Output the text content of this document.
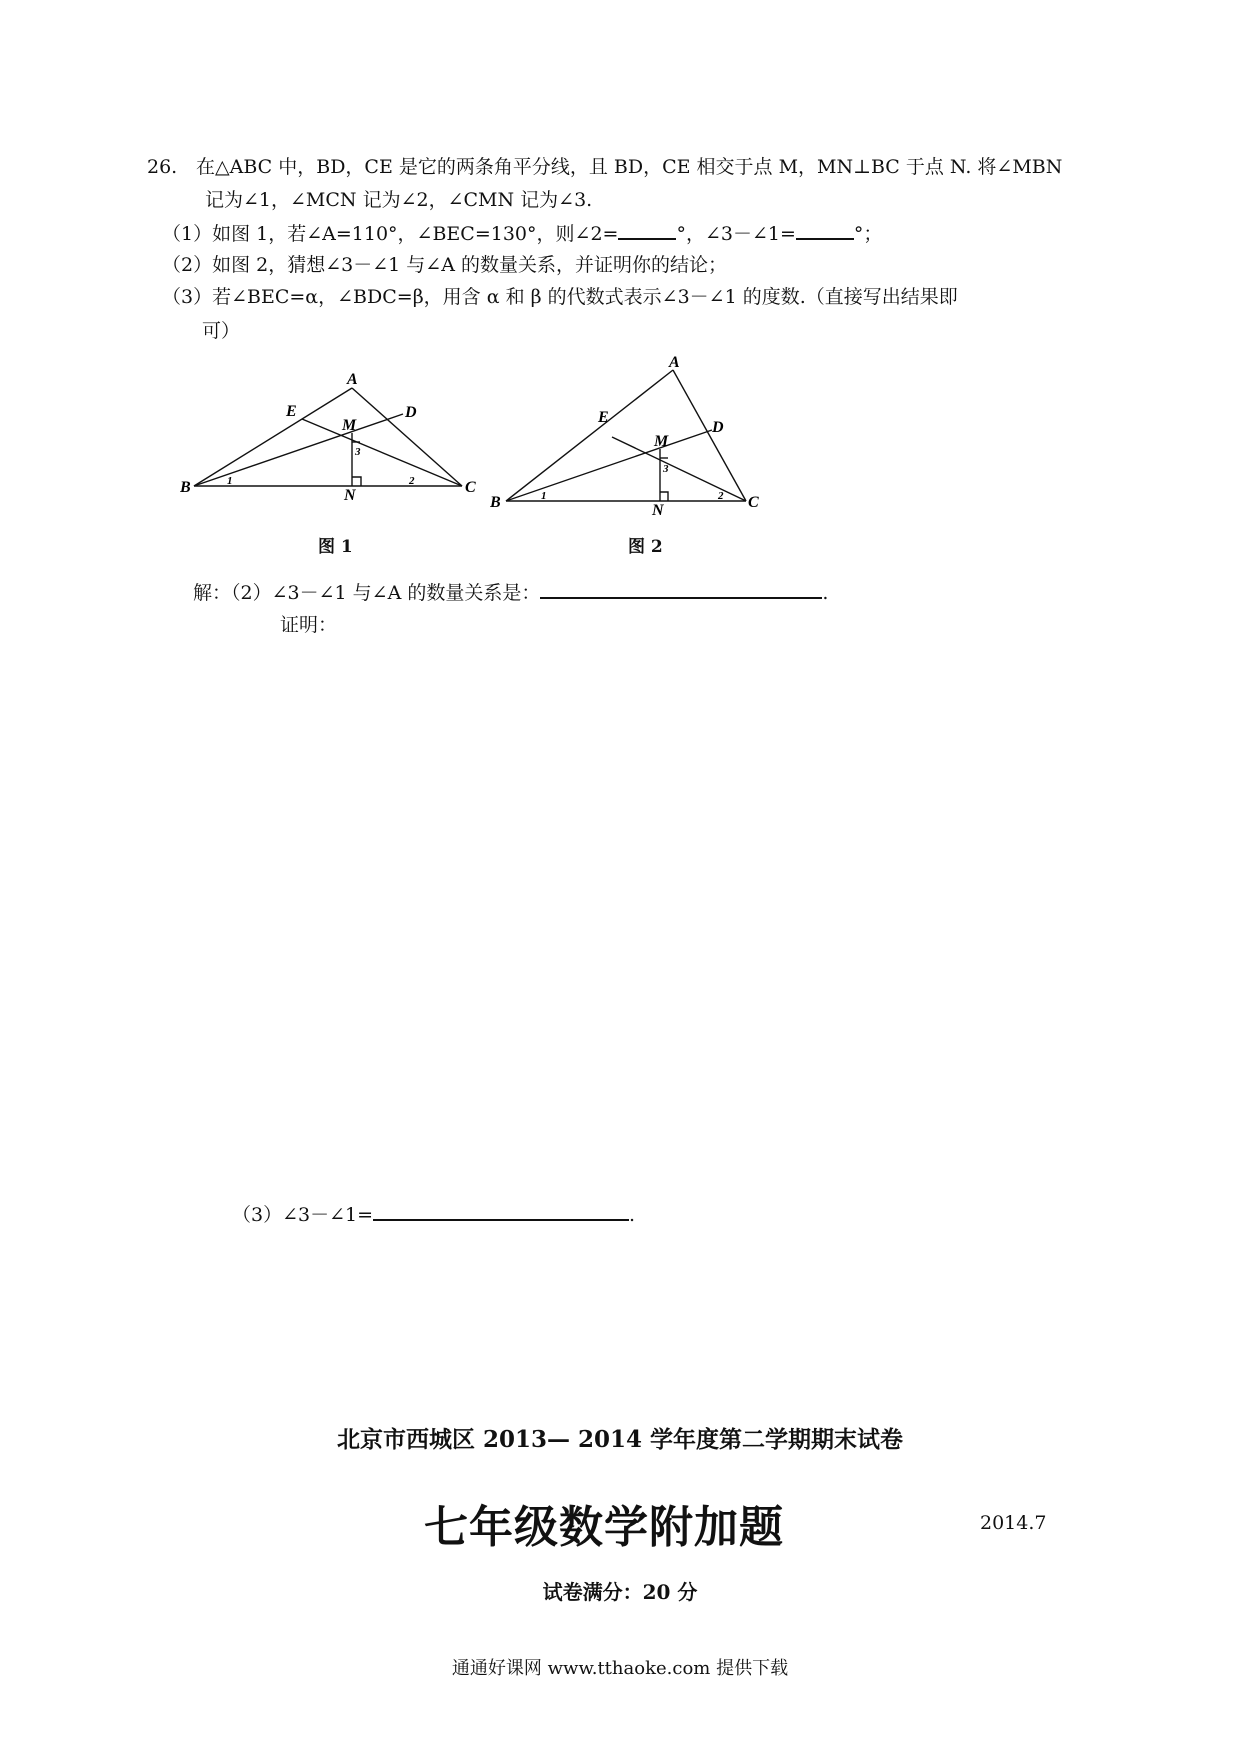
26. 在△ABC 中，BD，CE 是它的两条角平分线，且 BD，CE 相交于点 M，MN⊥BC 于点 N. 将∠MBN
记为∠1，∠MCN 记为∠2，∠CMN 记为∠3.
（1）如图 1，若∠A=110°，∠BEC=130°，则∠2=	°，∠3－∠1=	°；
（2）如图 2，猜想∠3－∠1 与∠A 的数量关系，并证明你的结论；
（3）若∠BEC=α，∠BDC=β，用含 α 和 β 的代数式表示∠3－∠1 的度数.（直接写出结果即
可）
A
E	D
M
B	C
N
1	2
3
图 1
A
E
D
M
B	C
N
1	2
3
图 2
解：（2）∠3－∠1 与∠A 的数量关系是：	.
证明：
（3）∠3－∠1=	.
北京市西城区 2013— 2014 学年度第二学期期末试卷
七年级数学附加题	2014.7
试卷满分：20 分
通通好课网 www.tthaoke.com 提供下载
